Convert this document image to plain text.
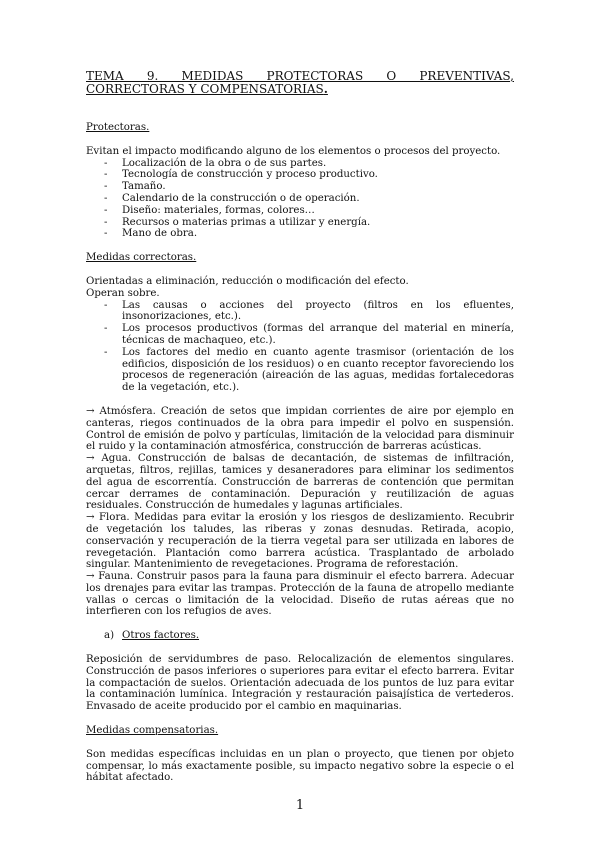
TEMA 9. MEDIDAS PROTECTORAS O PREVENTIVAS, CORRECTORAS Y COMPENSATORIAS.
Protectoras.

Evitan el impacto modificando alguno de los elementos o procesos del proyecto.

- Localización de la obra o de sus partes.
- Tecnología de construcción y proceso productivo.
- Tamaño.
- Calendario de la construcción o de operación.
- Diseño: materiales, formas, colores…
- Recursos o materias primas a utilizar y energía.
- Mano de obra.
Medidas correctoras.

Orientadas a eliminación, reducción o modificación del efecto.

Operan sobre.

- Las causas o acciones del proyecto (filtros en los efluentes, insonorizaciones, etc.).
- Los procesos productivos (formas del arranque del material en minería, técnicas de machaqueo, etc.).
- Los factores del medio en cuanto agente trasmisor (orientación de los edificios, disposición de los residuos) o en cuanto receptor favoreciendo los procesos de regeneración (aireación de las aguas, medidas fortalecedoras de la vegetación, etc.).

→ Atmósfera. Creación de setos que impidan corrientes de aire por ejemplo en canteras, riegos continuados de la obra para impedir el polvo en suspensión. Control de emisión de polvo y partículas, limitación de la velocidad para disminuir el ruido y la contaminación atmosférica, construcción de barreras acústicas.

→ Agua. Construcción de balsas de decantación, de sistemas de infiltración, arquetas, filtros, rejillas, tamices y desaneradores para eliminar los sedimentos del agua de escorrentía. Construcción de barreras de contención que permitan cercar derrames de contaminación. Depuración y reutilización de aguas residuales. Construcción de humedales y lagunas artificiales.

→ Flora. Medidas para evitar la erosión y los riesgos de deslizamiento. Recubrir de vegetación los taludes, las riberas y zonas desnudas. Retirada, acopio, conservación y recuperación de la tierra vegetal para ser utilizada en labores de revegetación. Plantación como barrera acústica. Trasplantado de arbolado singular. Mantenimiento de revegetaciones. Programa de reforestación.

→ Fauna. Construir pasos para la fauna para disminuir el efecto barrera. Adecuar los drenajes para evitar las trampas. Protección de la fauna de atropello mediante vallas o cercas o limitación de la velocidad. Diseño de rutas aéreas que no interfieren con los refugios de aves.

a) Otros factores.

Reposición de servidumbres de paso. Relocalización de elementos singulares. Construcción de pasos inferiores o superiores para evitar el efecto barrera. Evitar la compactación de suelos. Orientación adecuada de los puntos de luz para evitar la contaminación lumínica. Integración y restauración paisajística de vertederos. Envasado de aceite producido por el cambio en maquinarias.

Medidas compensatorias.

Son medidas específicas incluidas en un plan o proyecto, que tienen por objeto compensar, lo más exactamente posible, su impacto negativo sobre la especie o el hábitat afectado.

1
